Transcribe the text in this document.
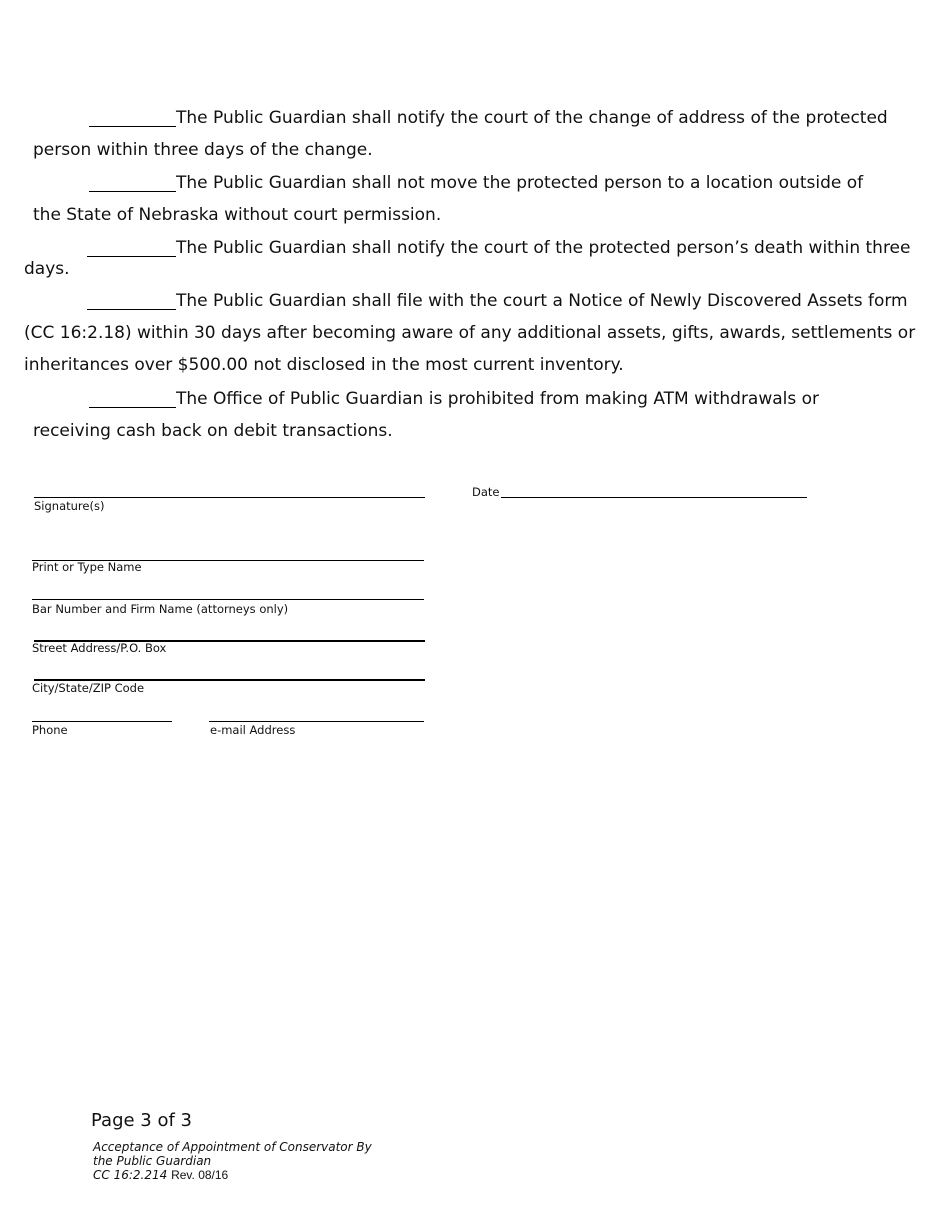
The Public Guardian shall notify the court of the change of address of the protected
person within three days of the change.
The Public Guardian shall not move the protected person to a location outside of
the State of Nebraska without court permission.
The Public Guardian shall notify the court of the protected person’s death within three
days.
The Public Guardian shall file with the court a Notice of Newly Discovered Assets form
(CC 16:2.18) within 30 days after becoming aware of any additional assets, gifts, awards, settlements or
inheritances over $500.00 not disclosed in the most current inventory.
The Office of Public Guardian is prohibited from making ATM withdrawals or
receiving cash back on debit transactions.
Signature(s)
Date
Print or Type Name
Bar Number and Firm Name (attorneys only)
Street Address/P.O. Box
City/State/ZIP Code
Phone	e-mail Address
Page 3 of 3
Acceptance of Appointment of Conservator By
the Public Guardian
CC 16:2.214 Rev. 08/16
